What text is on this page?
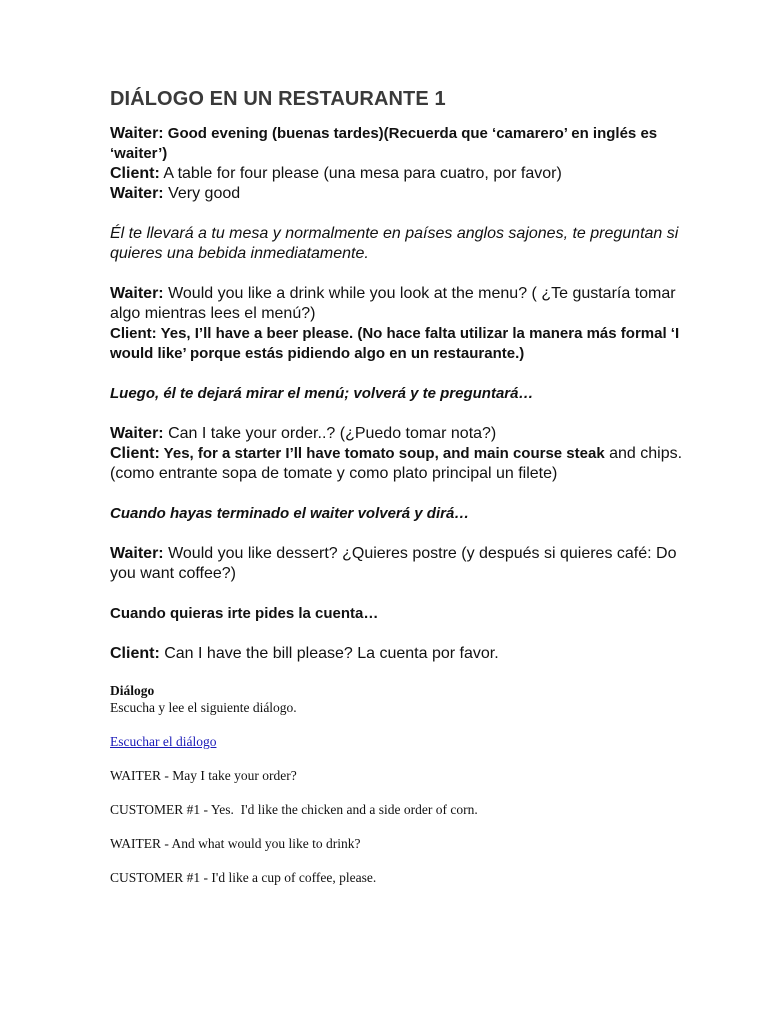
DIÁLOGO EN UN RESTAURANTE 1
Waiter: Good evening (buenas tardes)(Recuerda que ‘camarero’ en inglés es ‘waiter’)
Client: A table for four please (una mesa para cuatro, por favor)
Waiter: Very good
Él te llevará a tu mesa y normalmente en países anglos sajones, te preguntan si quieres una bebida inmediatamente.
Waiter: Would you like a drink while you look at the menu? ( ¿Te gustaría tomar algo mientras lees el menú?)
Client: Yes, I’ll have a beer please. (No hace falta utilizar la manera más formal ‘I would like’ porque estás pidiendo algo en un restaurante.)
Luego, él te dejará mirar el menú; volverá y te preguntará…
Waiter: Can I take your order..? (¿Puedo tomar nota?)
Client: Yes, for a starter I’ll have tomato soup, and main course steak and chips. (como entrante sopa de tomate y como plato principal un filete)
Cuando hayas terminado el waiter volverá y dirá…
Waiter: Would you like dessert? ¿Quieres postre (y después si quieres café: Do you want coffee?)
Cuando quieras irte pides la cuenta…
Client: Can I have the bill please? La cuenta por favor.
Diálogo
Escucha y lee el siguiente diálogo.
Escuchar el diálogo
WAITER - May I take your order?
CUSTOMER #1 - Yes.  I'd like the chicken and a side order of corn.
WAITER - And what would you like to drink?
CUSTOMER #1 - I'd like a cup of coffee, please.
